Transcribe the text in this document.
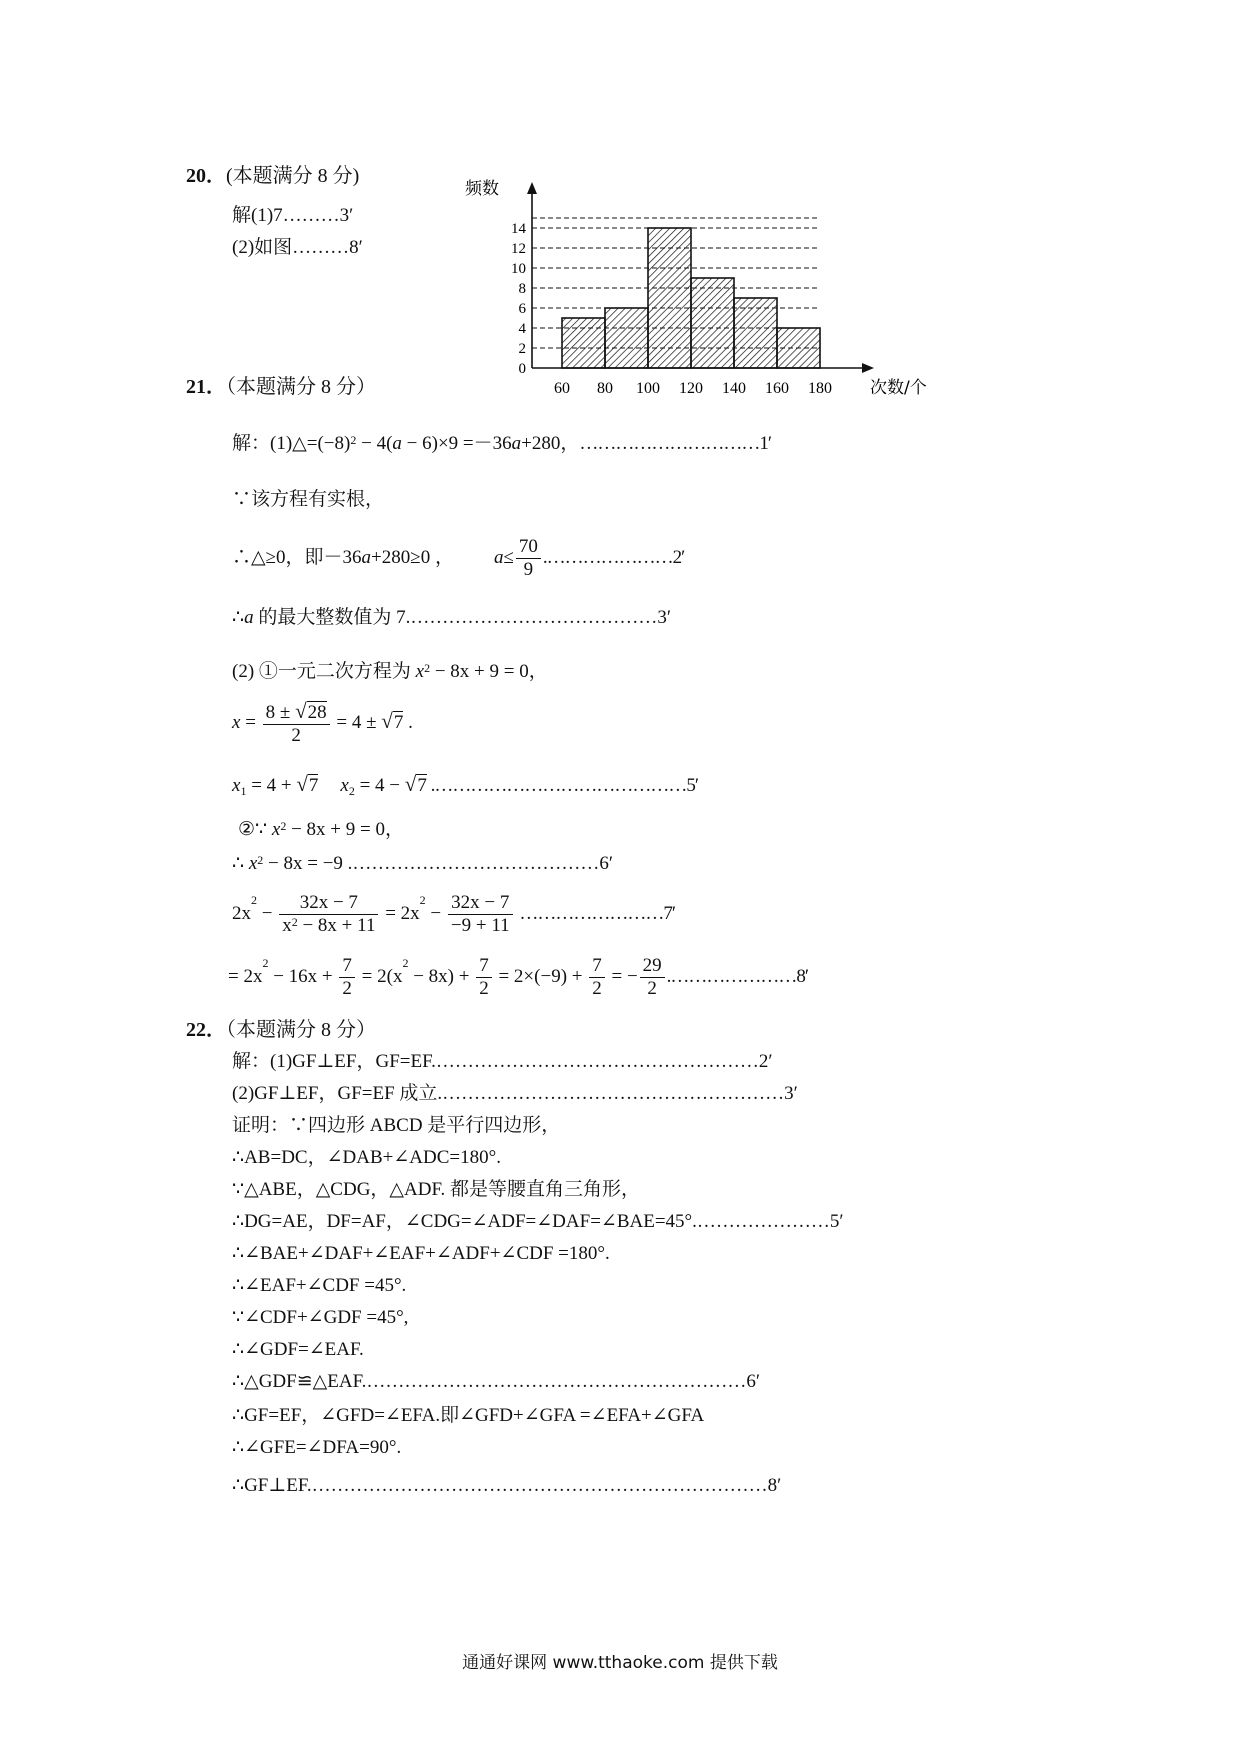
20．(本题满分 8 分)
解(1)7………3′
(2)如图………8′
0
2
4
6
8
10
12
14
60 80 100 120 140 160 180
频数
次数/个
21．（本题满分 8 分）
解：$(1)\triangle=(-8)^2 - 4(a - 6)\times 9 =-36a+280$，…………………………1′
∵该方程有实根，
∴△≥0，即－36a+280≥0 ， $a\le \frac{70}{9}$ .…………………2′
∴a 的最大整数值为 7.…………………………………3′
(2) ①一元二次方程为 $x^2 - 8x + 9 = 0$，
$x = \frac{8 \pm √28}{2} = 4 \pm √7$ .
$x_1 = 4 + √7$ $x_2 = 4 - √7$ .……………………………………5′
②∵ $x^2 - 8x + 9 = 0$，
∴ $x^2 - 8x = -9$ .…………………………………6′
$2x^2 - \frac{32x - 7}{x^2 - 8x + 11} = 2x^2 - \frac{32x - 7}{-9 + 11}$ ……………………7′
= $2x^2 - 16x + \frac{7}{2} = 2(x^2 - 8x) + \frac{7}{2} = 2\times(-9) + \frac{7}{2}$ = − $\frac{29}{2}$ .…………………8′
22．（本题满分 8 分）
解：(1)GF⊥EF，GF=EF.……………………………………………2′
(2)GF⊥EF，GF=EF 成立.………………………………………………3′
证明：∵四边形 ABCD 是平行四边形，
∴AB=DC，∠DAB+∠ADC=180°.
∵△ABE，△CDG，△ADF. 都是等腰直角三角形，
∴DG=AE，DF=AF，∠CDG=∠ADF=∠DAF=∠BAE=45°.…………………5′
∴∠BAE+∠DAF+∠EAF+∠ADF+∠CDF =180°.
∴∠EAF+∠CDF =45°.
∵∠CDF+∠GDF =45°,
∴∠GDF=∠EAF.
∴△GDF≌△EAF.……………………………………………………6′
∴GF=EF，∠GFD=∠EFA.即∠GFD+∠GFA =∠EFA+∠GFA
∴∠GFE=∠DFA=90°.
∴GF⊥EF.………………………………………………………………8′
通通好课网 www.tthaoke.com 提供下载
